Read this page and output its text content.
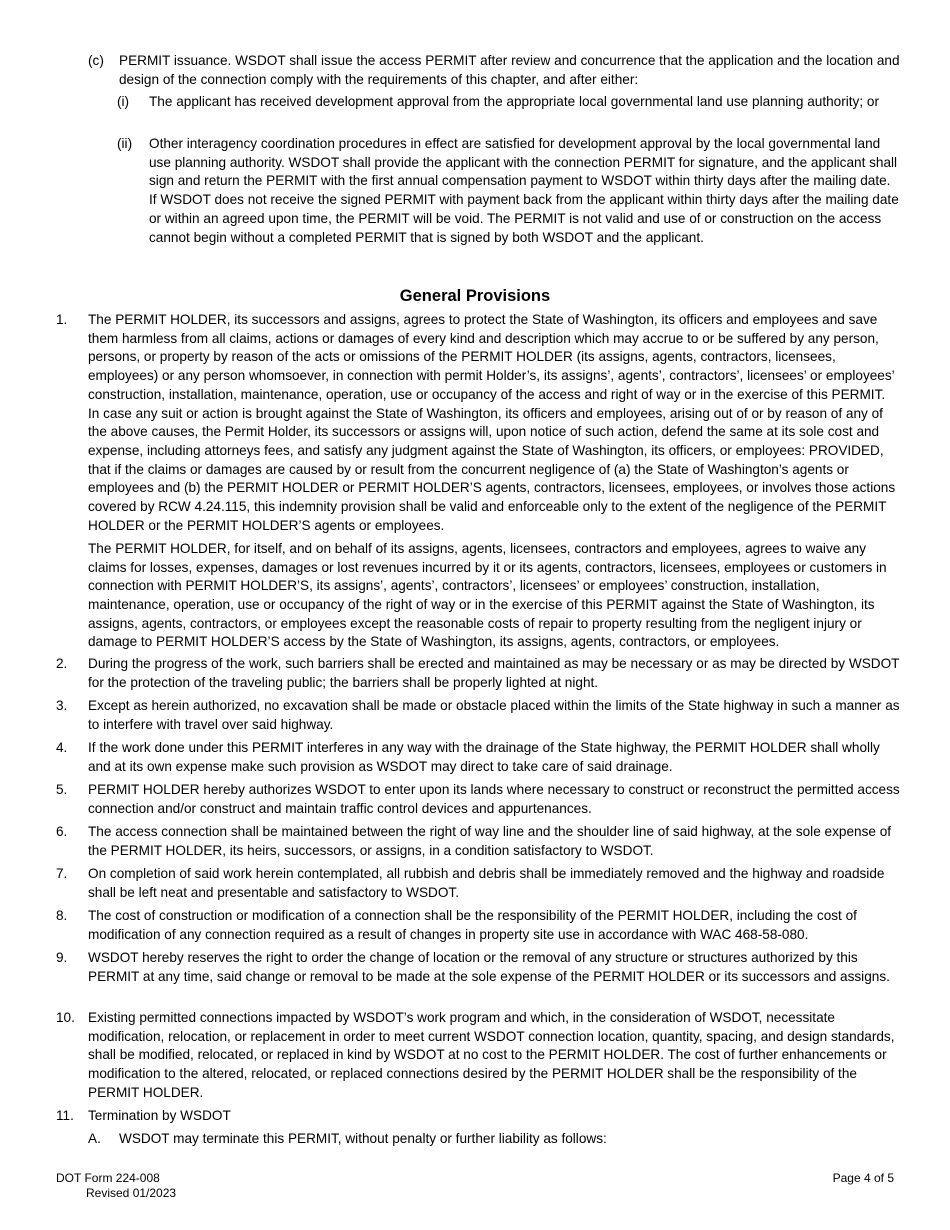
(c)	PERMIT issuance. WSDOT shall issue the access PERMIT after review and concurrence that the application and the location and design of the connection comply with the requirements of this chapter, and after either:
(i)	The applicant has received development approval from the appropriate local governmental land use planning authority; or
(ii)	Other interagency coordination procedures in effect are satisfied for development approval by the local governmental land use planning authority. WSDOT shall provide the applicant with the connection PERMIT for signature, and the applicant shall sign and return the PERMIT with the first annual compensation payment to WSDOT within thirty days after the mailing date. If WSDOT does not receive the signed PERMIT with payment back from the applicant within thirty days after the mailing date or within an agreed upon time, the PERMIT will be void. The PERMIT is not valid and use of or construction on the access cannot begin without a completed PERMIT that is signed by both WSDOT and the applicant.
General Provisions
1.	The PERMIT HOLDER, its successors and assigns, agrees to protect the State of Washington, its officers and employees and save them harmless from all claims, actions or damages of every kind and description which may accrue to or be suffered by any person, persons, or property by reason of the acts or omissions of the PERMIT HOLDER (its assigns, agents, contractors, licensees, employees) or any person whomsoever, in connection with permit Holder’s, its assigns’, agents’, contractors’, licensees’ or employees’ construction, installation, maintenance, operation, use or occupancy of the access and right of way or in the exercise of this PERMIT. In case any suit or action is brought against the State of Washington, its officers and employees, arising out of or by reason of any of the above causes, the Permit Holder, its successors or assigns will, upon notice of such action, defend the same at its sole cost and expense, including attorneys fees, and satisfy any judgment against the State of Washington, its officers, or employees: PROVIDED, that if the claims or damages are caused by or result from the concurrent negligence of (a) the State of Washington’s agents or employees and (b) the PERMIT HOLDER or PERMIT HOLDER’S agents, contractors, licensees, employees, or involves those actions covered by RCW 4.24.115, this indemnity provision shall be valid and enforceable only to the extent of the negligence of the PERMIT HOLDER or the PERMIT HOLDER’S agents or employees.

The PERMIT HOLDER, for itself, and on behalf of its assigns, agents, licensees, contractors and employees, agrees to waive any claims for losses, expenses, damages or lost revenues incurred by it or its agents, contractors, licensees, employees or customers in connection with PERMIT HOLDER’S, its assigns’, agents’, contractors’, licensees’ or employees’ construction, installation, maintenance, operation, use or occupancy of the right of way or in the exercise of this PERMIT against the State of Washington, its assigns, agents, contractors, or employees except the reasonable costs of repair to property resulting from the negligent injury or damage to PERMIT HOLDER’S access by the State of Washington, its assigns, agents, contractors, or employees.

2.	During the progress of the work, such barriers shall be erected and maintained as may be necessary or as may be directed by WSDOT for the protection of the traveling public; the barriers shall be properly lighted at night.
3.	Except as herein authorized, no excavation shall be made or obstacle placed within the limits of the State highway in such a manner as to interfere with travel over said highway.
4.	If the work done under this PERMIT interferes in any way with the drainage of the State highway, the PERMIT HOLDER shall wholly and at its own expense make such provision as WSDOT may direct to take care of said drainage.
5.	PERMIT HOLDER hereby authorizes WSDOT to enter upon its lands where necessary to construct or reconstruct the permitted access connection and/or construct and maintain traffic control devices and appurtenances.
6.	The access connection shall be maintained between the right of way line and the shoulder line of said highway, at the sole expense of the PERMIT HOLDER, its heirs, successors, or assigns, in a condition satisfactory to WSDOT.
7.	On completion of said work herein contemplated, all rubbish and debris shall be immediately removed and the highway and roadside shall be left neat and presentable and satisfactory to WSDOT.
8.	The cost of construction or modification of a connection shall be the responsibility of the PERMIT HOLDER, including the cost of modification of any connection required as a result of changes in property site use in accordance with WAC 468-58-080.
9.	WSDOT hereby reserves the right to order the change of location or the removal of any structure or structures authorized by this PERMIT at any time, said change or removal to be made at the sole expense of the PERMIT HOLDER or its successors and assigns.
10. Existing permitted connections impacted by WSDOT’s work program and which, in the consideration of WSDOT, necessitate modification, relocation, or replacement in order to meet current WSDOT connection location, quantity, spacing, and design standards, shall be modified, relocated, or replaced in kind by WSDOT at no cost to the PERMIT HOLDER. The cost of further enhancements or modification to the altered, relocated, or replaced connections desired by the PERMIT HOLDER shall be the responsibility of the PERMIT HOLDER.
11.	Termination by WSDOT
A.	WSDOT may terminate this PERMIT, without penalty or further liability as follows:
DOT Form 224-008
Revised 01/2023
Page 4 of 5
